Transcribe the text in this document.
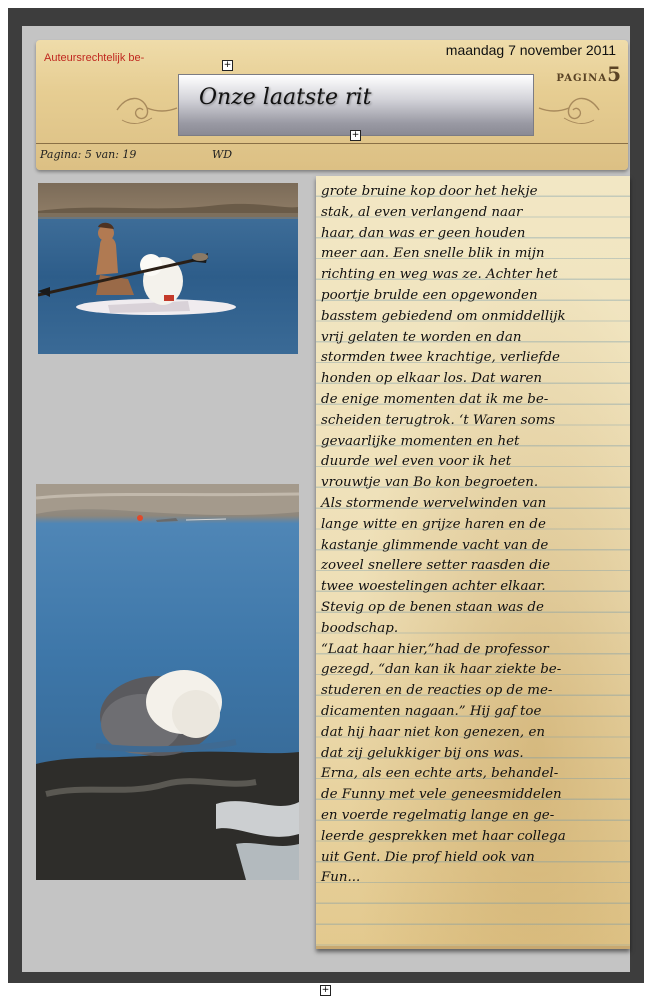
Auteursrechtelijk be-	maandag 7 november 2011
PAGINA5
Onze laatste rit
Pagina: 5 van: 19	WD
+
+
+
grote bruine kop door het hekje
stak, al even verlangend naar
haar, dan was er geen houden
meer aan. Een snelle blik in mijn
richting en weg was ze. Achter het
poortje brulde een opgewonden
basstem gebiedend om onmiddellijk
vrij gelaten te worden en dan
stormden twee krachtige, verliefde
honden op elkaar los. Dat waren
de enige momenten dat ik me be-
scheiden terugtrok. ‘t Waren soms
gevaarlijke momenten en het
duurde wel even voor ik het
vrouwtje van Bo kon begroeten.
Als stormende wervelwinden van
lange witte en grijze haren en de
kastanje glimmende vacht van de
zoveel snellere setter raasden die
twee woestelingen achter elkaar.
Stevig op de benen staan was de
boodschap.
“Laat haar hier,”had de professor
gezegd, “dan kan ik haar ziekte be-
studeren en de reacties op de me-
dicamenten nagaan.” Hij gaf toe
dat hij haar niet kon genezen, en
dat zij gelukkiger bij ons was.
Erna, als een echte arts, behandel-
de Funny met vele geneesmiddelen
en voerde regelmatig lange en ge-
leerde gesprekken met haar collega
uit Gent. Die prof hield ook van
Fun...
